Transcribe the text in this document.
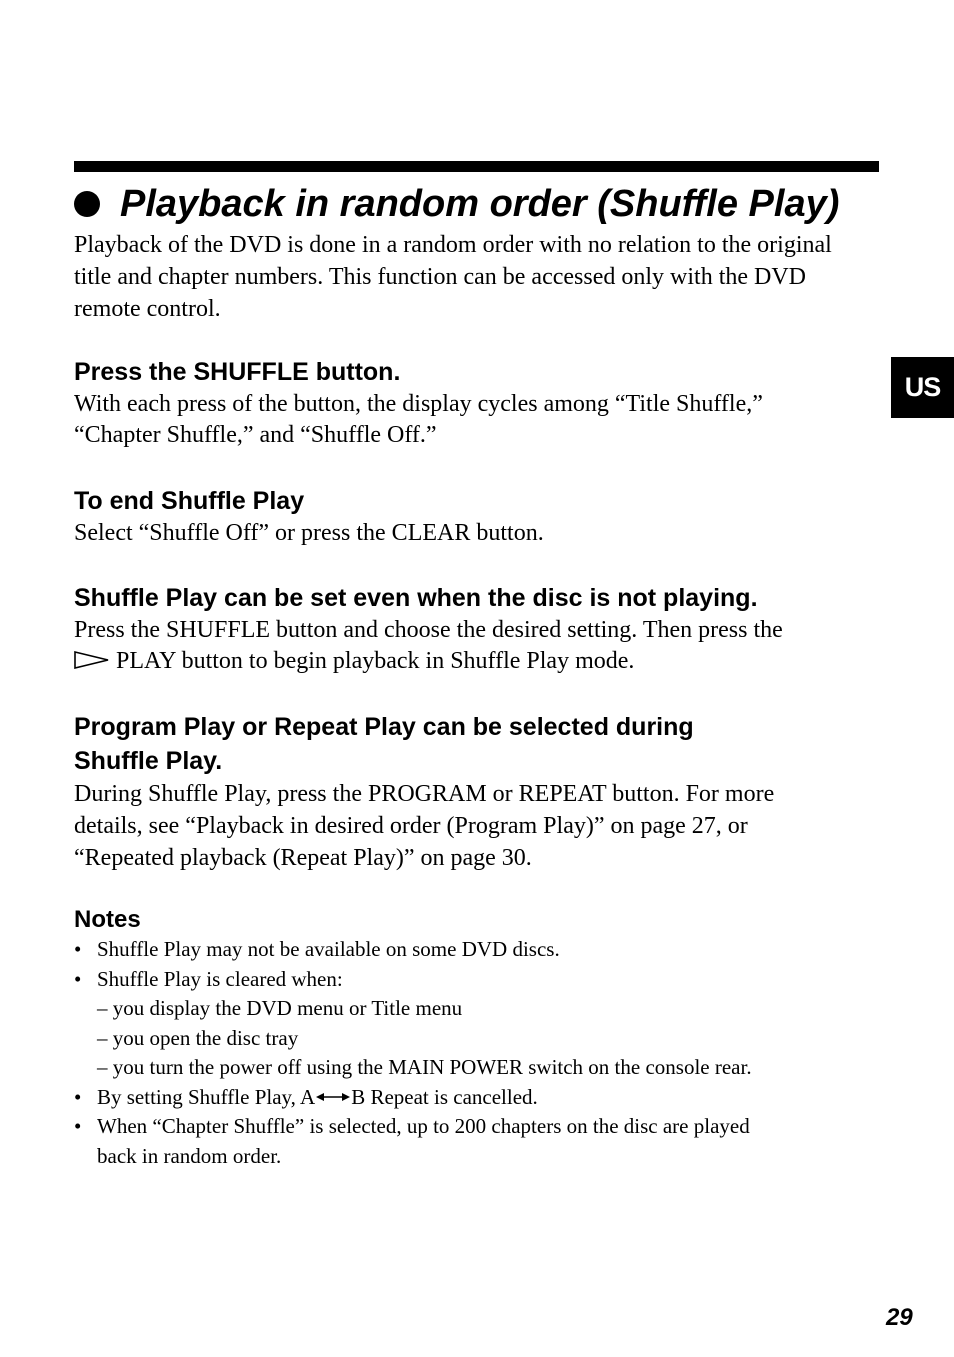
Playback in random order (Shuffle Play)

Playback of the DVD is done in a random order with no relation to the original title and chapter numbers. This function can be accessed only with the DVD remote control.

US
Press the SHUFFLE button.

With each press of the button, the display cycles among “Title Shuffle,”

“Chapter Shuffle,” and “Shuffle Off.”

To end Shuffle Play

Select “Shuffle Off” or press the CLEAR button.

Shuffle Play can be set even when the disc is not playing.

Press the SHUFFLE button and choose the desired setting. Then press the

PLAY button to begin playback in Shuffle Play mode.

Program Play or Repeat Play can be selected during
Shuffle Play.

During Shuffle Play, press the PROGRAM or REPEAT button. For more

details, see “Playback in desired order (Program Play)” on page 27, or

“Repeated playback (Repeat Play)” on page 30.

Notes
• Shuffle Play may not be available on some DVD discs.
• Shuffle Play is cleared when:
– you display the DVD menu or Title menu
– you open the disc tray
– you turn the power off using the MAIN POWER switch on the console rear.
• By setting Shuffle Play, A B Repeat is cancelled.
• When “Chapter Shuffle” is selected, up to 200 chapters on the disc are played
back in random order.
29
